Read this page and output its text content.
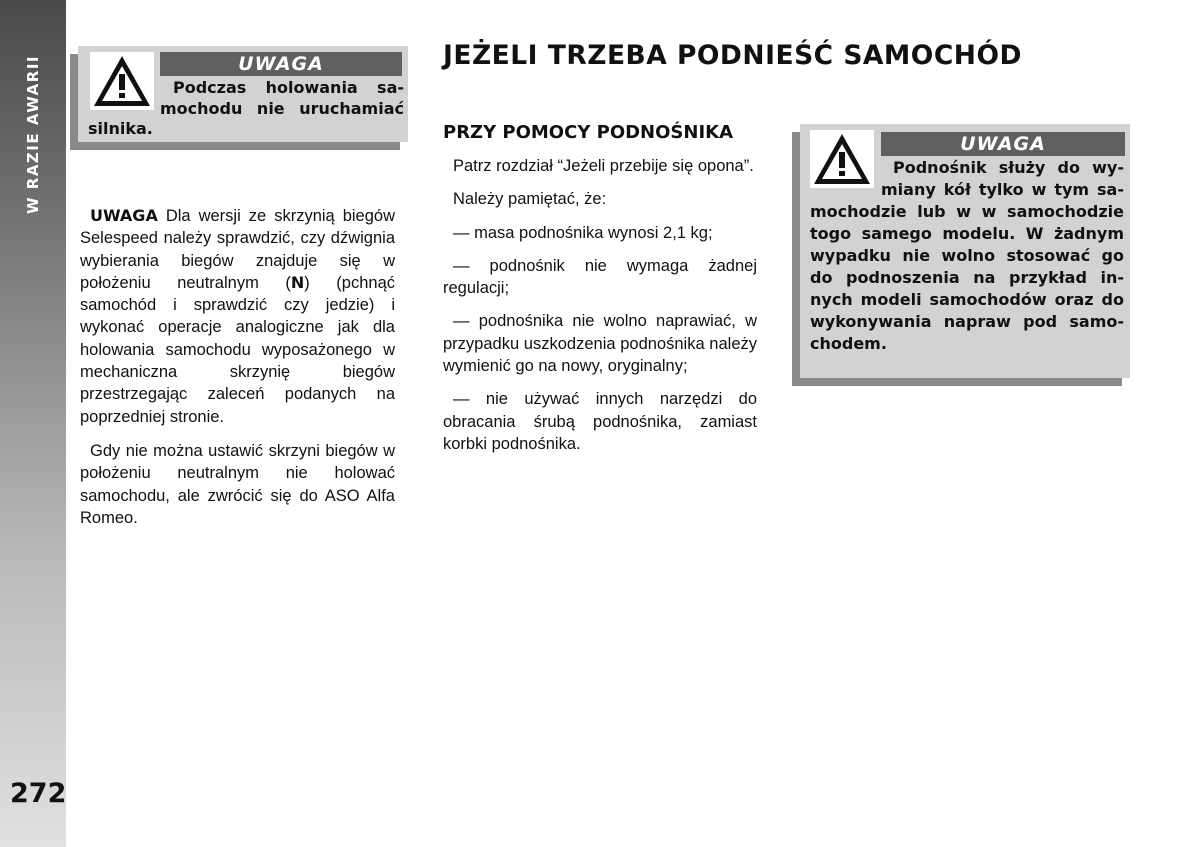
W RAZIE AWARII
272
UWAGA
Podczas holowania sa-
mochodu nie uruchamiać
silnika.

UWAGA Dla wersji ze skrzynią biegów Selespeed należy sprawdzić, czy dźwignia wybierania biegów znajduje się w położeniu neutralnym (N) (pchnąć samochód i sprawdzić czy jedzie) i wykonać operacje analogiczne jak dla holowania samochodu wyposażonego w mechaniczna skrzynię biegów przestrzegając zaleceń podanych na poprzedniej stronie.

Gdy nie można ustawić skrzyni biegów w położeniu neutralnym nie holować samochodu, ale zwrócić się do ASO Alfa Romeo.

JEŻELI TRZEBA PODNIEŚĆ SAMOCHÓD
PRZY POMOCY PODNOŚNIKA

Patrz rozdział “Jeżeli przebije się opona”.

Należy pamiętać, że:

— masa podnośnika wynosi 2,1 kg;

— podnośnik nie wymaga żadnej regulacji;

— podnośnika nie wolno naprawiać, w przypadku uszkodzenia podnośnika należy wymienić go na nowy, oryginalny;

— nie używać innych narzędzi do obracania śrubą podnośnika, zamiast korbki podnośnika.

UWAGA
Podnośnik służy do wy-
miany kół tylko w tym sa-
mochodzie lub w w samochodzie
togo samego modelu. W żadnym
wypadku nie wolno stosować go
do podnoszenia na przykład in-
nych modeli samochodów oraz do
wykonywania napraw pod samo-
chodem.
